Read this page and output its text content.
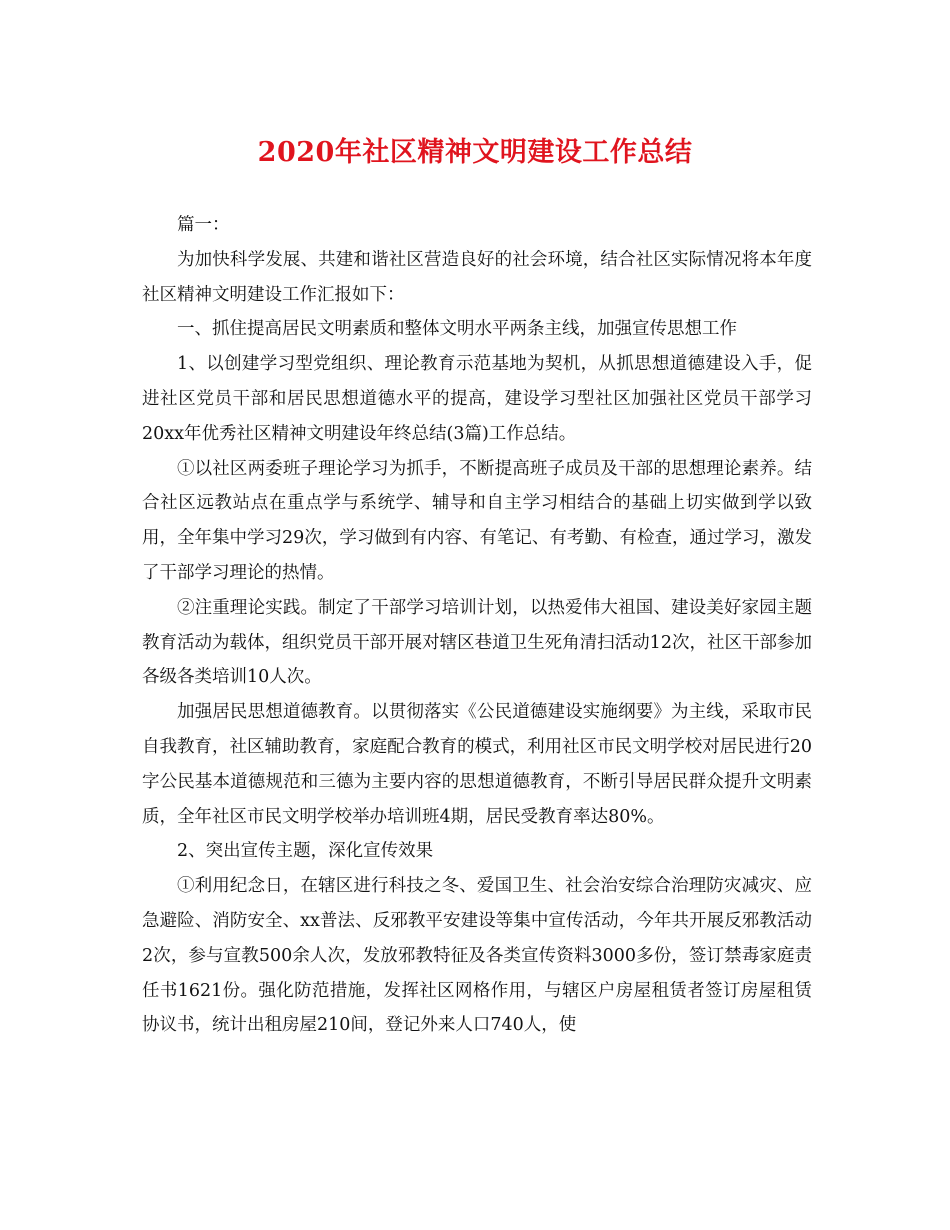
2020年社区精神文明建设工作总结

篇一：

为加快科学发展、共建和谐社区营造良好的社会环境，结合社区实际情况将本年度社区精神文明建设工作汇报如下：

一、抓住提高居民文明素质和整体文明水平两条主线，加强宣传思想工作

1、以创建学习型党组织、理论教育示范基地为契机，从抓思想道德建设入手，促进社区党员干部和居民思想道德水平的提高，建设学习型社区加强社区党员干部学习20xx年优秀社区精神文明建设年终总结(3篇)工作总结。

①以社区两委班子理论学习为抓手，不断提高班子成员及干部的思想理论素养。结合社区远教站点在重点学与系统学、辅导和自主学习相结合的基础上切实做到学以致用，全年集中学习29次，学习做到有内容、有笔记、有考勤、有检查，通过学习，激发了干部学习理论的热情。

②注重理论实践。制定了干部学习培训计划，以热爱伟大祖国、建设美好家园主题教育活动为载体，组织党员干部开展对辖区巷道卫生死角清扫活动12次，社区干部参加各级各类培训10人次。

加强居民思想道德教育。以贯彻落实《公民道德建设实施纲要》为主线，采取市民自我教育，社区辅助教育，家庭配合教育的模式，利用社区市民文明学校对居民进行20字公民基本道德规范和三德为主要内容的思想道德教育，不断引导居民群众提升文明素质，全年社区市民文明学校举办培训班4期，居民受教育率达80%。

2、突出宣传主题，深化宣传效果

①利用纪念日，在辖区进行科技之冬、爱国卫生、社会治安综合治理防灾减灾、应急避险、消防安全、xx普法、反邪教平安建设等集中宣传活动，今年共开展反邪教活动2次，参与宣教500余人次，发放邪教特征及各类宣传资料3000多份，签订禁毒家庭责任书1621份。强化防范措施，发挥社区网格作用，与辖区户房屋租赁者签订房屋租赁协议书，统计出租房屋210间，登记外来人口740人，使
